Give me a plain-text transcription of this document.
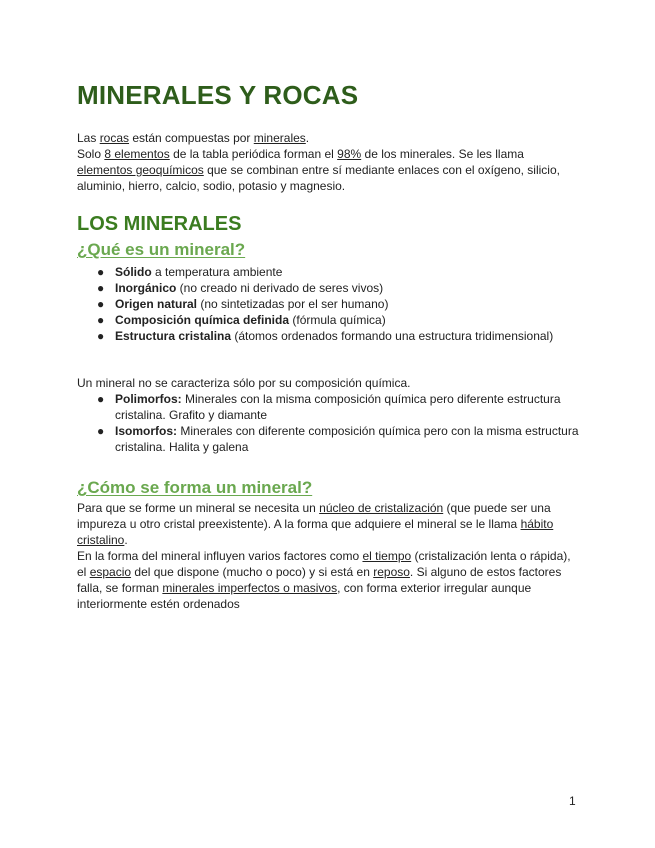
MINERALES Y ROCAS

Las rocas están compuestas por minerales.

Solo 8 elementos de la tabla periódica forman el 98% de los minerales. Se les llama elementos geoquímicos que se combinan entre sí mediante enlaces con el oxígeno, silicio, aluminio, hierro, calcio, sodio, potasio y magnesio.

LOS MINERALES
¿Qué es un mineral?
● Sólido a temperatura ambiente
● Inorgánico (no creado ni derivado de seres vivos)
● Origen natural (no sintetizadas por el ser humano)
● Composición química definida (fórmula química)
● Estructura cristalina (átomos ordenados formando una estructura tridimensional)

Un mineral no se caracteriza sólo por su composición química.

● Polimorfos: Minerales con la misma composición química pero diferente estructura cristalina. Grafito y diamante
● Isomorfos: Minerales con diferente composición química pero con la misma estructura cristalina. Halita y galena
¿Cómo se forma un mineral?

Para que se forme un mineral se necesita un núcleo de cristalización (que puede ser una impureza u otro cristal preexistente). A la forma que adquiere el mineral se le llama hábito cristalino.

En la forma del mineral influyen varios factores como el tiempo (cristalización lenta o rápida), el espacio del que dispone (mucho o poco) y si está en reposo. Si alguno de estos factores falla, se forman minerales imperfectos o masivos, con forma exterior irregular aunque interiormente estén ordenados

1
